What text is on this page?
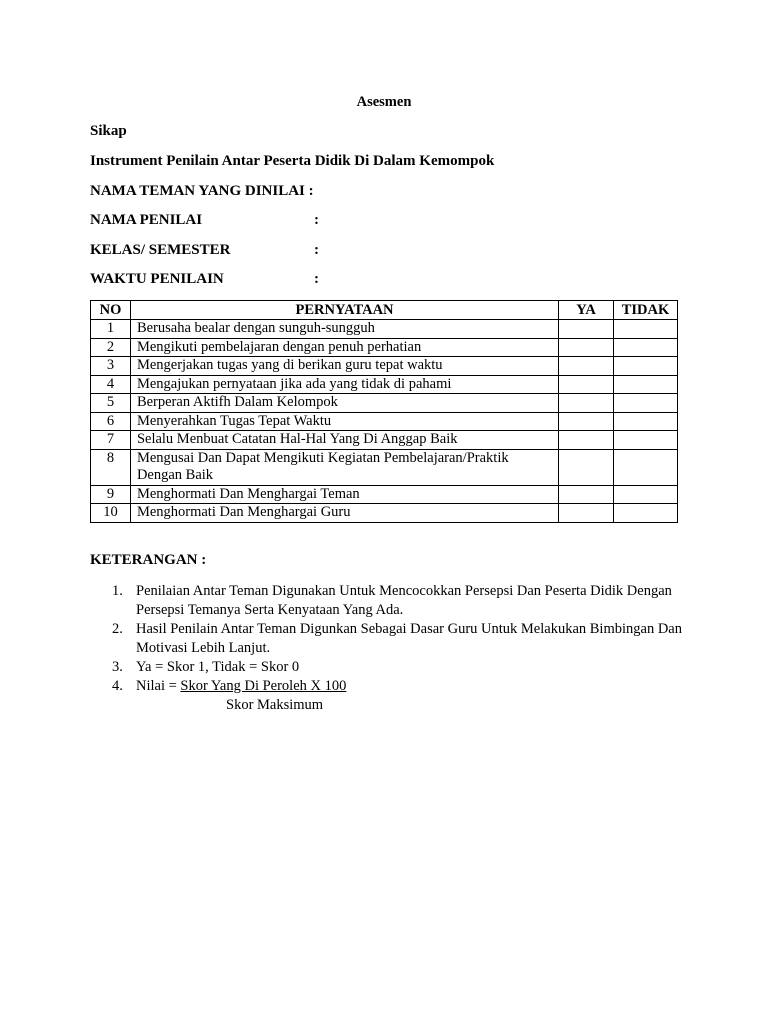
Asesmen
Sikap
Instrument Penilain Antar Peserta Didik Di Dalam Kemompok
NAMA TEMAN YANG DINILAI :
NAMA PENILAI	:
KELAS/ SEMESTER	:
WAKTU PENILAIN	:
NO	PERNYATAAN	YA	TIDAK
1	Berusaha bealar dengan sunguh-sungguh		
2	Mengikuti pembelajaran dengan penuh perhatian		
3	Mengerjakan tugas yang di berikan guru tepat waktu		
4	Mengajukan pernyataan jika ada yang tidak di pahami		
5	Berperan Aktifh Dalam Kelompok		
6	Menyerahkan Tugas Tepat Waktu		
7	Selalu Menbuat Catatan Hal-Hal Yang Di Anggap Baik		
8	Mengusai Dan Dapat Mengikuti Kegiatan Pembelajaran/Praktik Dengan Baik		
9	Menghormati Dan Menghargai Teman		
10	Menghormati Dan Menghargai Guru		
KETERANGAN :
1. Penilaian Antar Teman Digunakan Untuk Mencocokkan Persepsi Dan Peserta Didik Dengan Persepsi Temanya Serta Kenyataan Yang Ada.
2. Hasil Penilain Antar Teman Digunkan Sebagai Dasar Guru Untuk Melakukan Bimbingan Dan Motivasi Lebih Lanjut.
3. Ya = Skor 1, Tidak = Skor 0
4. Nilai = Skor Yang Di Peroleh X 100
Skor Maksimum
